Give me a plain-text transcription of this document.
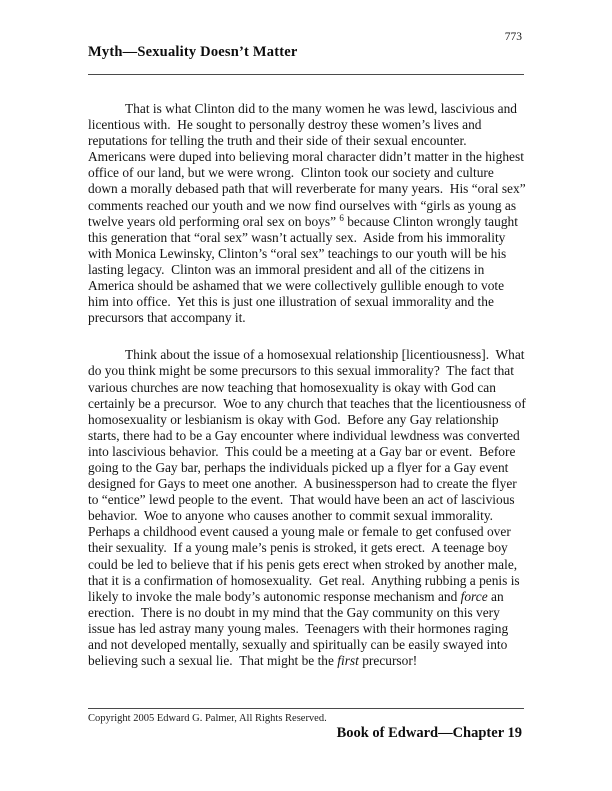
773
Myth—Sexuality Doesn’t Matter

That is what Clinton did to the many women he was lewd, lascivious and licentious with.  He sought to personally destroy these women’s lives and reputations for telling the truth and their side of their sexual encounter.  Americans were duped into believing moral character didn’t matter in the highest office of our land, but we were wrong.  Clinton took our society and culture down a morally debased path that will reverberate for many years.  His “oral sex” comments reached our youth and we now find ourselves with “girls as young as twelve years old performing oral sex on boys” $^6$ because Clinton wrongly taught this generation that “oral sex” wasn’t actually sex.  Aside from his immorality with Monica Lewinsky, Clinton’s “oral sex” teachings to our youth will be his lasting legacy.  Clinton was an immoral president and all of the citizens in America should be ashamed that we were collectively gullible enough to vote him into office.  Yet this is just one illustration of sexual immorality and the precursors that accompany it.

Think about the issue of a homosexual relationship [licentiousness].  What do you think might be some precursors to this sexual immorality?  The fact that various churches are now teaching that homosexuality is okay with God can certainly be a precursor.  Woe to any church that teaches that the licentiousness of homosexuality or lesbianism is okay with God.  Before any Gay relationship starts, there had to be a Gay encounter where individual lewdness was converted into lascivious behavior.  This could be a meeting at a Gay bar or event.  Before going to the Gay bar, perhaps the individuals picked up a flyer for a Gay event designed for Gays to meet one another.  A businessperson had to create the flyer to “entice” lewd people to the event.  That would have been an act of lascivious behavior.  Woe to anyone who causes another to commit sexual immorality.  Perhaps a childhood event caused a young male or female to get confused over their sexuality.  If a young male’s penis is stroked, it gets erect.  A teenage boy could be led to believe that if his penis gets erect when stroked by another male, that it is a confirmation of homosexuality.  Get real.  Anything rubbing a penis is likely to invoke the male body’s autonomic response mechanism and force an erection.  There is no doubt in my mind that the Gay community on this very issue has led astray many young males.  Teenagers with their hormones raging and not developed mentally, sexually and spiritually can be easily swayed into believing such a sexual lie.  That might be the first precursor!

Copyright 2005 Edward G. Palmer, All Rights Reserved.
Book of Edward—Chapter 19
